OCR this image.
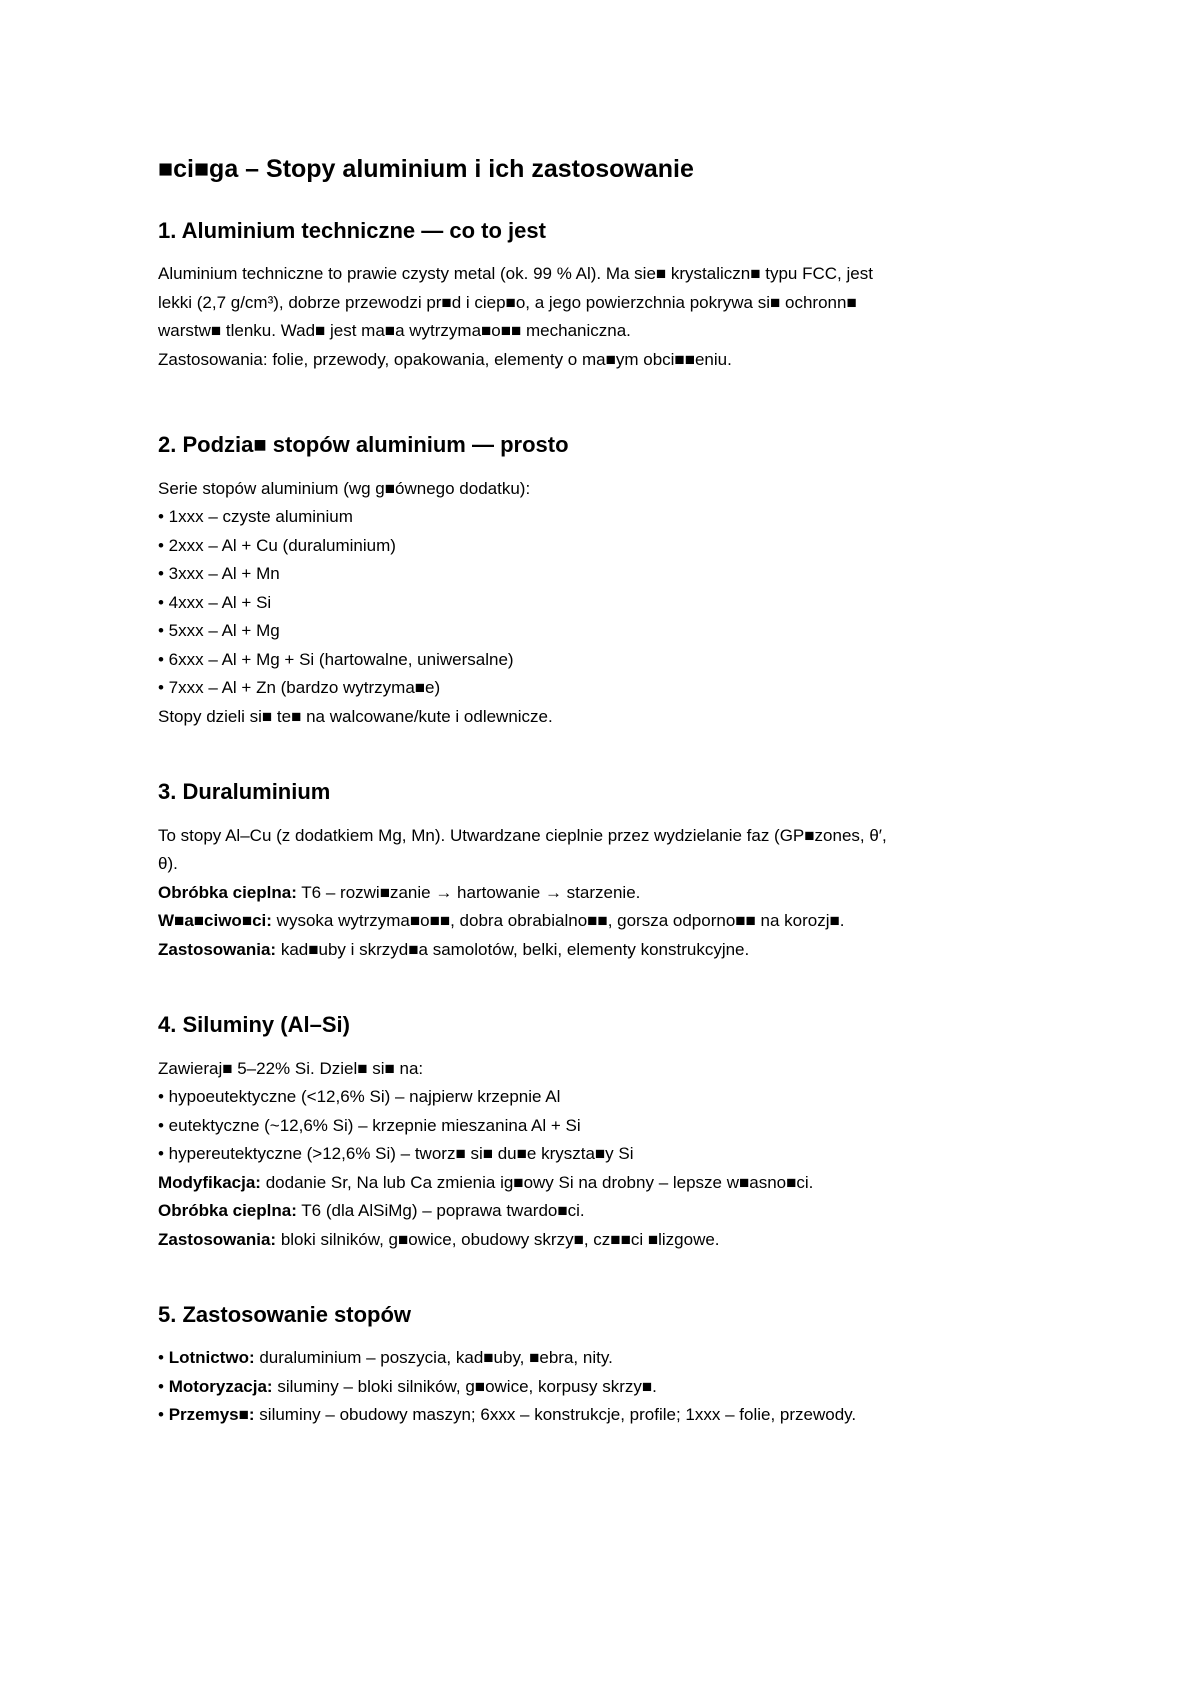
■ci■ga – Stopy aluminium i ich zastosowanie
1. Aluminium techniczne — co to jest

Aluminium techniczne to prawie czysty metal (ok. 99 % Al). Ma sie■ krystaliczn■ typu FCC, jest
lekki (2,7 g/cm³), dobrze przewodzi pr■d i ciep■o, a jego powierzchnia pokrywa si■ ochronn■
warstw■ tlenku. Wad■ jest ma■a wytrzyma■o■■ mechaniczna.
Zastosowania: folie, przewody, opakowania, elementy o ma■ym obci■■eniu.

2. Podzia■ stopów aluminium — prosto

Serie stopów aluminium (wg g■ównego dodatku):
• 1xxx – czyste aluminium
• 2xxx – Al + Cu (duraluminium)
• 3xxx – Al + Mn
• 4xxx – Al + Si
• 5xxx – Al + Mg
• 6xxx – Al + Mg + Si (hartowalne, uniwersalne)
• 7xxx – Al + Zn (bardzo wytrzyma■e)
Stopy dzieli si■ te■ na walcowane/kute i odlewnicze.

3. Duraluminium

To stopy Al–Cu (z dodatkiem Mg, Mn). Utwardzane cieplnie przez wydzielanie faz (GP■zones, θ′,
θ).
Obróbka cieplna: T6 – rozwi■zanie → hartowanie → starzenie.
W■a■ciwo■ci: wysoka wytrzyma■o■■, dobra obrabialno■■, gorsza odporno■■ na korozj■.
Zastosowania: kad■uby i skrzyd■a samolotów, belki, elementy konstrukcyjne.

4. Siluminy (Al–Si)

Zawieraj■ 5–22% Si. Dziel■ si■ na:
• hypoeutektyczne (<12,6% Si) – najpierw krzepnie Al
• eutektyczne (~12,6% Si) – krzepnie mieszanina Al + Si
• hypereutektyczne (>12,6% Si) – tworz■ si■ du■e kryszta■y Si
Modyfikacja: dodanie Sr, Na lub Ca zmienia ig■owy Si na drobny – lepsze w■asno■ci.
Obróbka cieplna: T6 (dla AlSiMg) – poprawa twardo■ci.
Zastosowania: bloki silników, g■owice, obudowy skrzy■, cz■■ci ■lizgowe.

5. Zastosowanie stopów

• Lotnictwo: duraluminium – poszycia, kad■uby, ■ebra, nity.
• Motoryzacja: siluminy – bloki silników, g■owice, korpusy skrzy■.
• Przemys■: siluminy – obudowy maszyn; 6xxx – konstrukcje, profile; 1xxx – folie, przewody.
